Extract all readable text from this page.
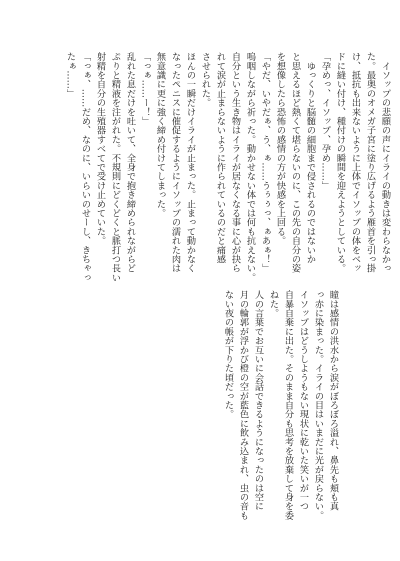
　イソップの悲願の声にイライの動きは変わらなかっ
た。最奥のオメガ子宮に塗り広げるよう雁首を引っ掛
け、抵抗も出来ないように上体でイソップの体をベッ
ドに縫い付け、種付けの瞬間を迎えようとしている。
「孕めっ、イソップ、孕め……」
　ゆっくりと脳髄の細胞まで侵されるのではないか
と思えるほど熱くて堪らないのに、この先の自分の姿
を想像したら恐怖の感情の方が快感を上回る。
「やだ、いやだぁ、う、ぁ……うぅぅっ、ぁあぁ！」
嗚咽しながら祈った。動かせない体では何も抗えない。
自分という生き物はイライが居なくなる事に心が抉ら
れて涙が止まらないように作られているのだと痛感
させられた。
ほんの一瞬だけイライが止まった。止まって動かなく
なったペニスに催促するようにイソップの濡れた肉は
無意識に更に強く締め付けてしまった。
「っぁ……ー！」
乱れた息だけを吐いて、全身で抱き締められながらど
ぷりと精液を注がれた。不規則にどくどくと脈打つ長い
射精を自分の生殖器すべてで受け止めていた。
「っぁ、……だめ、なのに、いらいのせーし、きちゃっ
たぁ……」
瞳は感情の洪水から涙がぼろぼろ溢れ、鼻先も頬も真
っ赤に染まった。イライの目はいまだに光が戻らない。
イソップはどうしようもない現状に乾いた笑いが一つ
自暴自棄に出た。そのまま自分も思考を放棄して身を委
ねた。
人の言葉でお互いに会話できるようになったのは空に
月の輪郭が浮かび橙の空が藍色に飲み込まれ、虫の音も
ない夜の帳が下りた頃だった。
